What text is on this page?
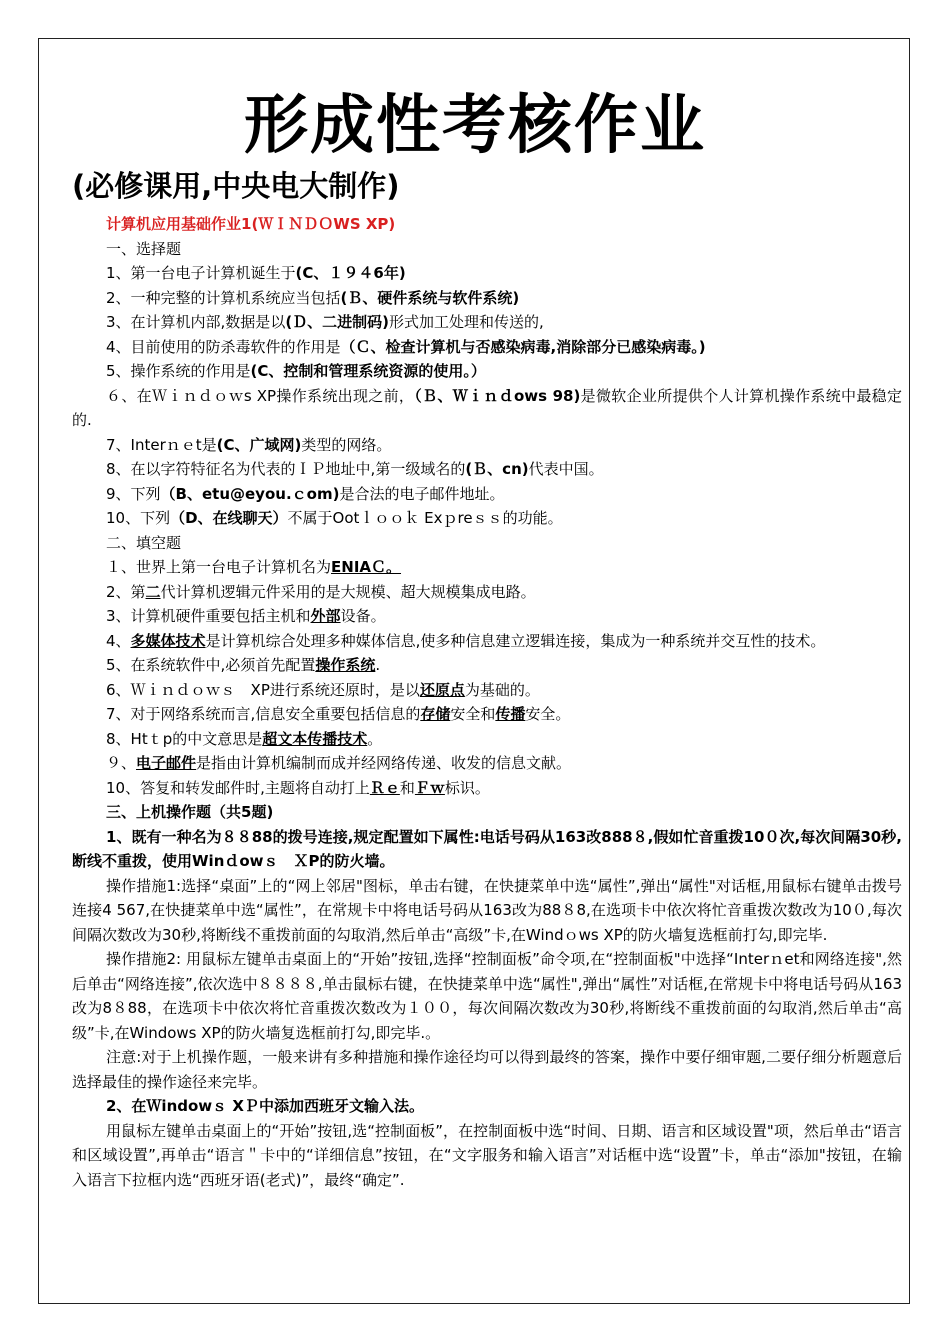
形成性考核作业
(必修课用,中央电大制作)

计算机应用基础作业1(ＷＩＮＤＯWS XP)

一、选择题

1、第一台电子计算机诞生于(C、１９４6年)

2、一种完整的计算机系统应当包括(Ｂ、硬件系统与软件系统)

3、在计算机内部,数据是以(Ｄ、二进制码)形式加工处理和传送的,

4、目前使用的防杀毒软件的作用是（Ｃ、检查计算机与否感染病毒,消除部分已感染病毒。)

5、操作系统的作用是(C、控制和管理系统资源的使用。）

６、在Ｗｉｎｄｏｗs XP操作系统出现之前，（Ｂ、Ｗｉｎｄows 98)是微软企业所提供个人计算机操作系统中最稳定的.

7、Interｎｅt是(C、广域网)类型的网络。

8、在以字符特征名为代表的ＩＰ地址中,第一级域名的(Ｂ、cn)代表中国。

9、下列（B、etu@eyou.ｃom)是合法的电子邮件地址。

10、下列（D、在线聊天）不属于Ootｌｏｏｋ Exｐreｓｓ的功能。

二、填空题

１、世界上第一台电子计算机名为ENIAＣ。

2、第二代计算机逻辑元件采用的是大规模、超大规模集成电路。

3、计算机硬件重要包括主机和外部设备。

4、多媒体技术是计算机综合处理多种媒体信息,使多种信息建立逻辑连接，集成为一种系统并交互性的技术。

5、在系统软件中,必须首先配置操作系统.

6、Ｗｉｎｄｏｗｓ　XP进行系统还原时，是以还原点为基础的。

7、对于网络系统而言,信息安全重要包括信息的存储安全和传播安全。

8、Htｔp的中文意思是超文本传播技术。

９、电子邮件是指由计算机编制而成并经网络传递、收发的信息文献。

10、答复和转发邮件时,主题将自动打上Ｒｅ和Ｆｗ标识。

三、上机操作题（共5题)

1、既有一种名为８８88的拨号连接,规定配置如下属性:电话号码从163改888８,假如忙音重拨10０次,每次间隔30秒,断线不重拨，使用Winｄowｓ　ＸP的防火墙。

操作措施1:选择“桌面”上的“网上邻居"图标，单击右键，在快捷菜单中选“属性”,弹出“属性"对话框,用鼠标右键单击拨号连接4 567,在快捷菜单中选“属性”，在常规卡中将电话号码从163改为88８8,在选项卡中依次将忙音重拨次数改为10０,每次间隔次数改为30秒,将断线不重拨前面的勾取消,然后单击“高级”卡,在Windｏws XP的防火墙复选框前打勾,即完毕.

操作措施2: 用鼠标左键单击桌面上的“开始”按钮,选择“控制面板”命令项,在“控制面板"中选择“Interｎet和网络连接",然后单击“网络连接”,依次选中８８８８,单击鼠标右键，在快捷菜单中选“属性",弹出“属性”对话框,在常规卡中将电话号码从163改为8８88，在选项卡中依次将忙音重拨次数改为１００，每次间隔次数改为30秒,将断线不重拨前面的勾取消,然后单击“高级”卡,在Windows XP的防火墙复选框前打勾,即完毕.。

注意:对于上机操作题，一般来讲有多种措施和操作途径均可以得到最终的答案，操作中要仔细审题,二要仔细分析题意后选择最佳的操作途径来完毕。

2、在Ｗindowｓ XＰ中添加西班牙文输入法。

用鼠标左键单击桌面上的“开始”按钮,选“控制面板”，在控制面板中选“时间、日期、语言和区域设置"项，然后单击“语言和区域设置”,再单击“语言＂卡中的“详细信息”按钮，在“文字服务和输入语言”对话框中选“设置”卡，单击“添加"按钮，在输入语言下拉框内选“西班牙语(老式)”，最终“确定”.
